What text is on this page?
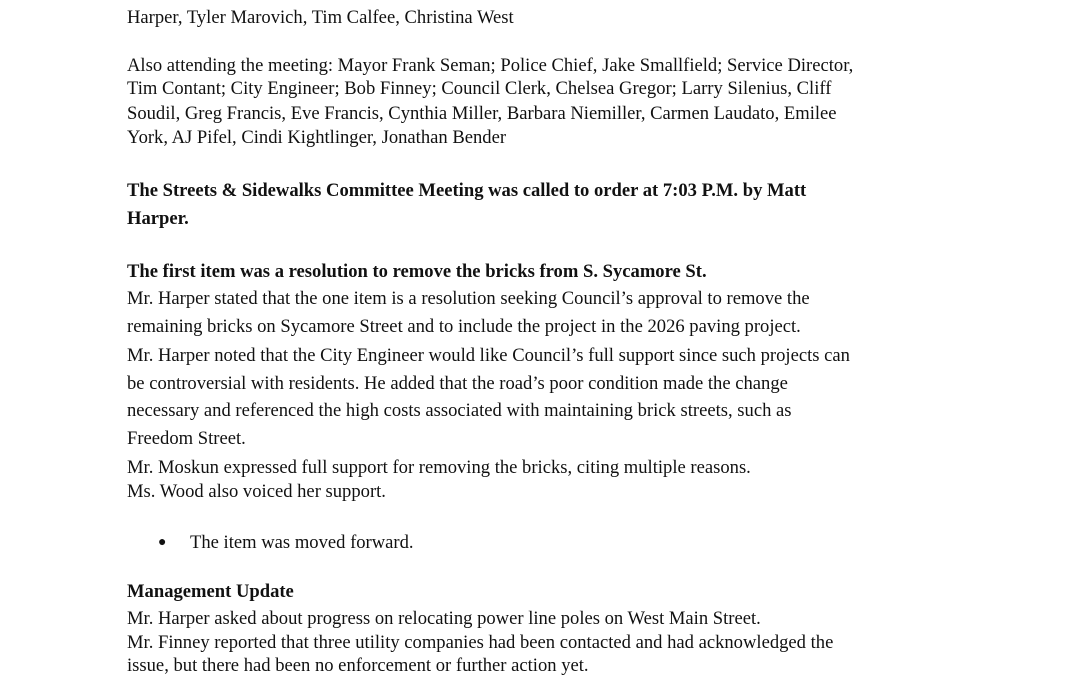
Harper, Tyler Marovich, Tim Calfee, Christina West
Also attending the meeting: Mayor Frank Seman; Police Chief, Jake Smallfield; Service Director,
Tim Contant; City Engineer; Bob Finney; Council Clerk, Chelsea Gregor; Larry Silenius, Cliff
Soudil, Greg Francis, Eve Francis, Cynthia Miller, Barbara Niemiller, Carmen Laudato, Emilee
York, AJ Pifel, Cindi Kightlinger, Jonathan Bender
The Streets & Sidewalks Committee Meeting was called to order at 7:03 P.M. by Matt
Harper.
The first item was a resolution to remove the bricks from S. Sycamore St.
Mr. Harper stated that the one item is a resolution seeking Council’s approval to remove the
remaining bricks on Sycamore Street and to include the project in the 2026 paving project.
Mr. Harper noted that the City Engineer would like Council’s full support since such projects can
be controversial with residents. He added that the road’s poor condition made the change
necessary and referenced the high costs associated with maintaining brick streets, such as
Freedom Street.
Mr. Moskun expressed full support for removing the bricks, citing multiple reasons.
Ms. Wood also voiced her support.
● The item was moved forward.
Management Update
Mr. Harper asked about progress on relocating power line poles on West Main Street.
Mr. Finney reported that three utility companies had been contacted and had acknowledged the
issue, but there had been no enforcement or further action yet.
